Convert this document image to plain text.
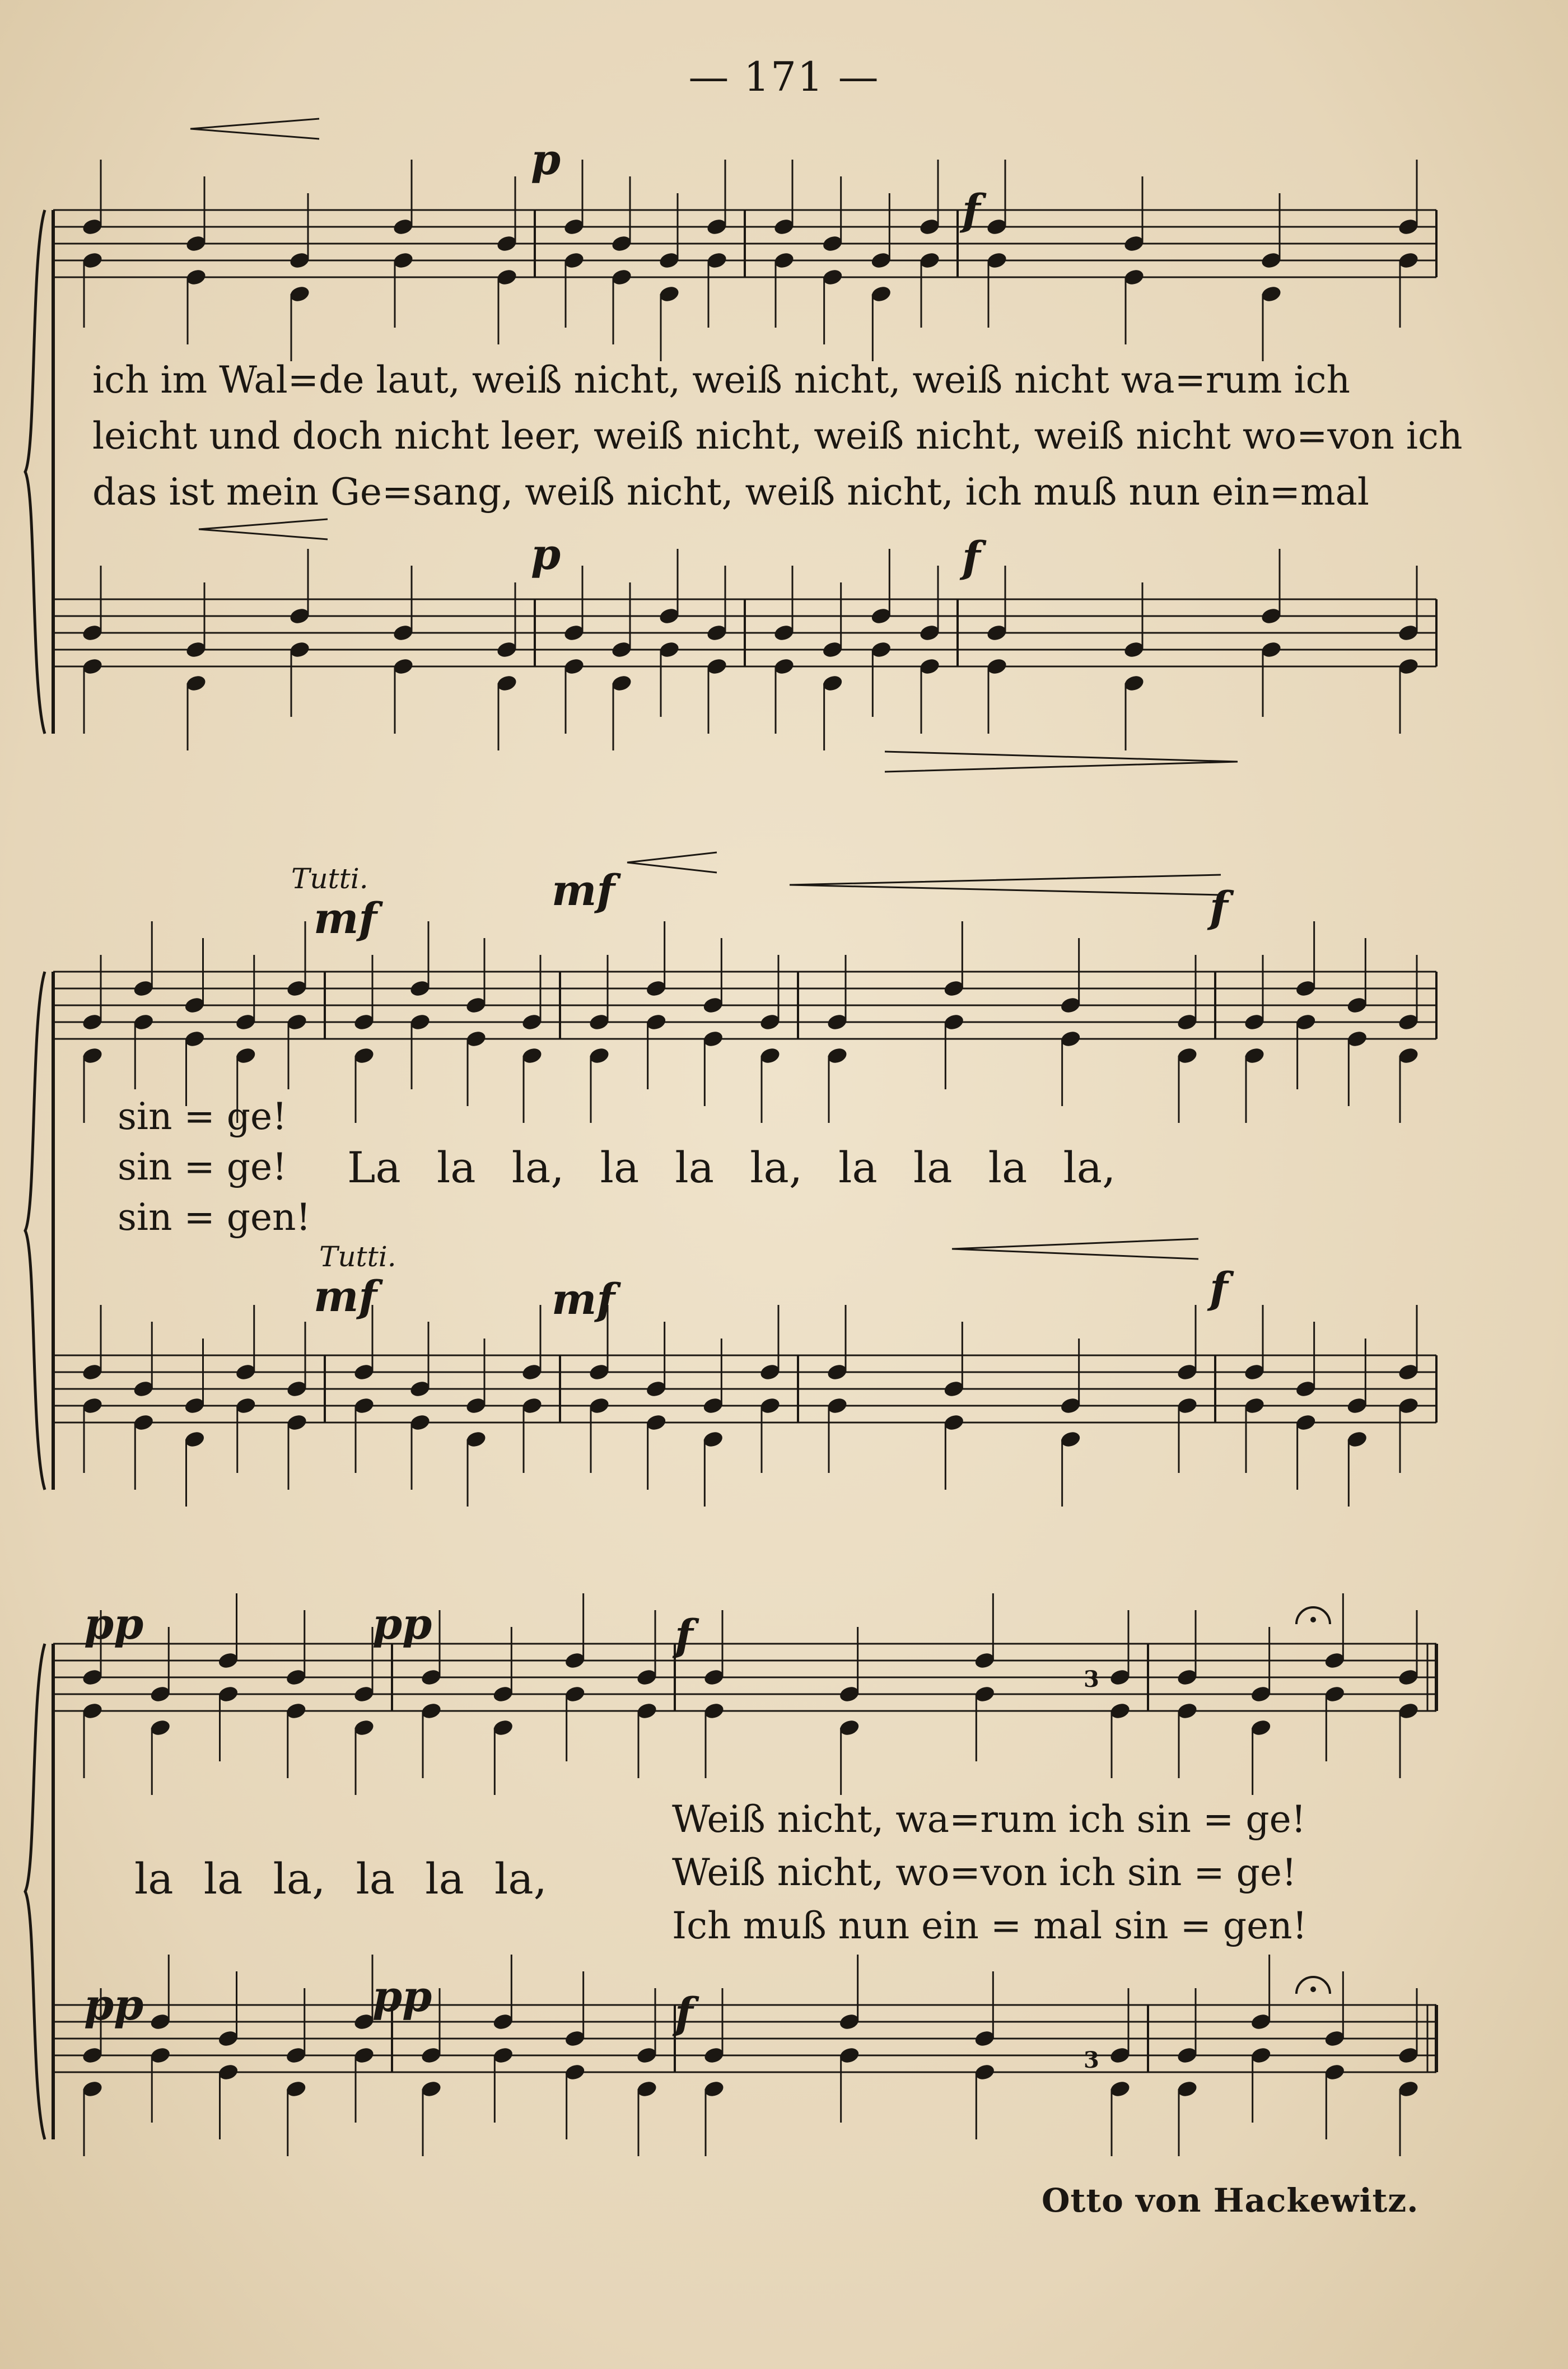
— 171 —
p
f
p	f
ich im Wal=de laut, weiß nicht, weiß nicht, weiß nicht wa=rum ich
leicht und doch nicht leer, weiß nicht, weiß nicht, weiß nicht wo=von ich
das ist mein Ge=sang, weiß nicht, weiß nicht, ich muß nun ein=mal
Tutti.
mf
mf	f
sin = ge!
sin = ge!
sin = gen!
La la la, la la la, la la la la,
Tutti.
mf	mf	f
pp	pp	f
la la la, la la la,
Weiß nicht, wa=rum ich sin = ge!
Weiß nicht, wo=von ich sin = ge!
Ich muß nun ein = mal sin = gen!
pp	pp	f
3
3
Otto von Hackewitz.
